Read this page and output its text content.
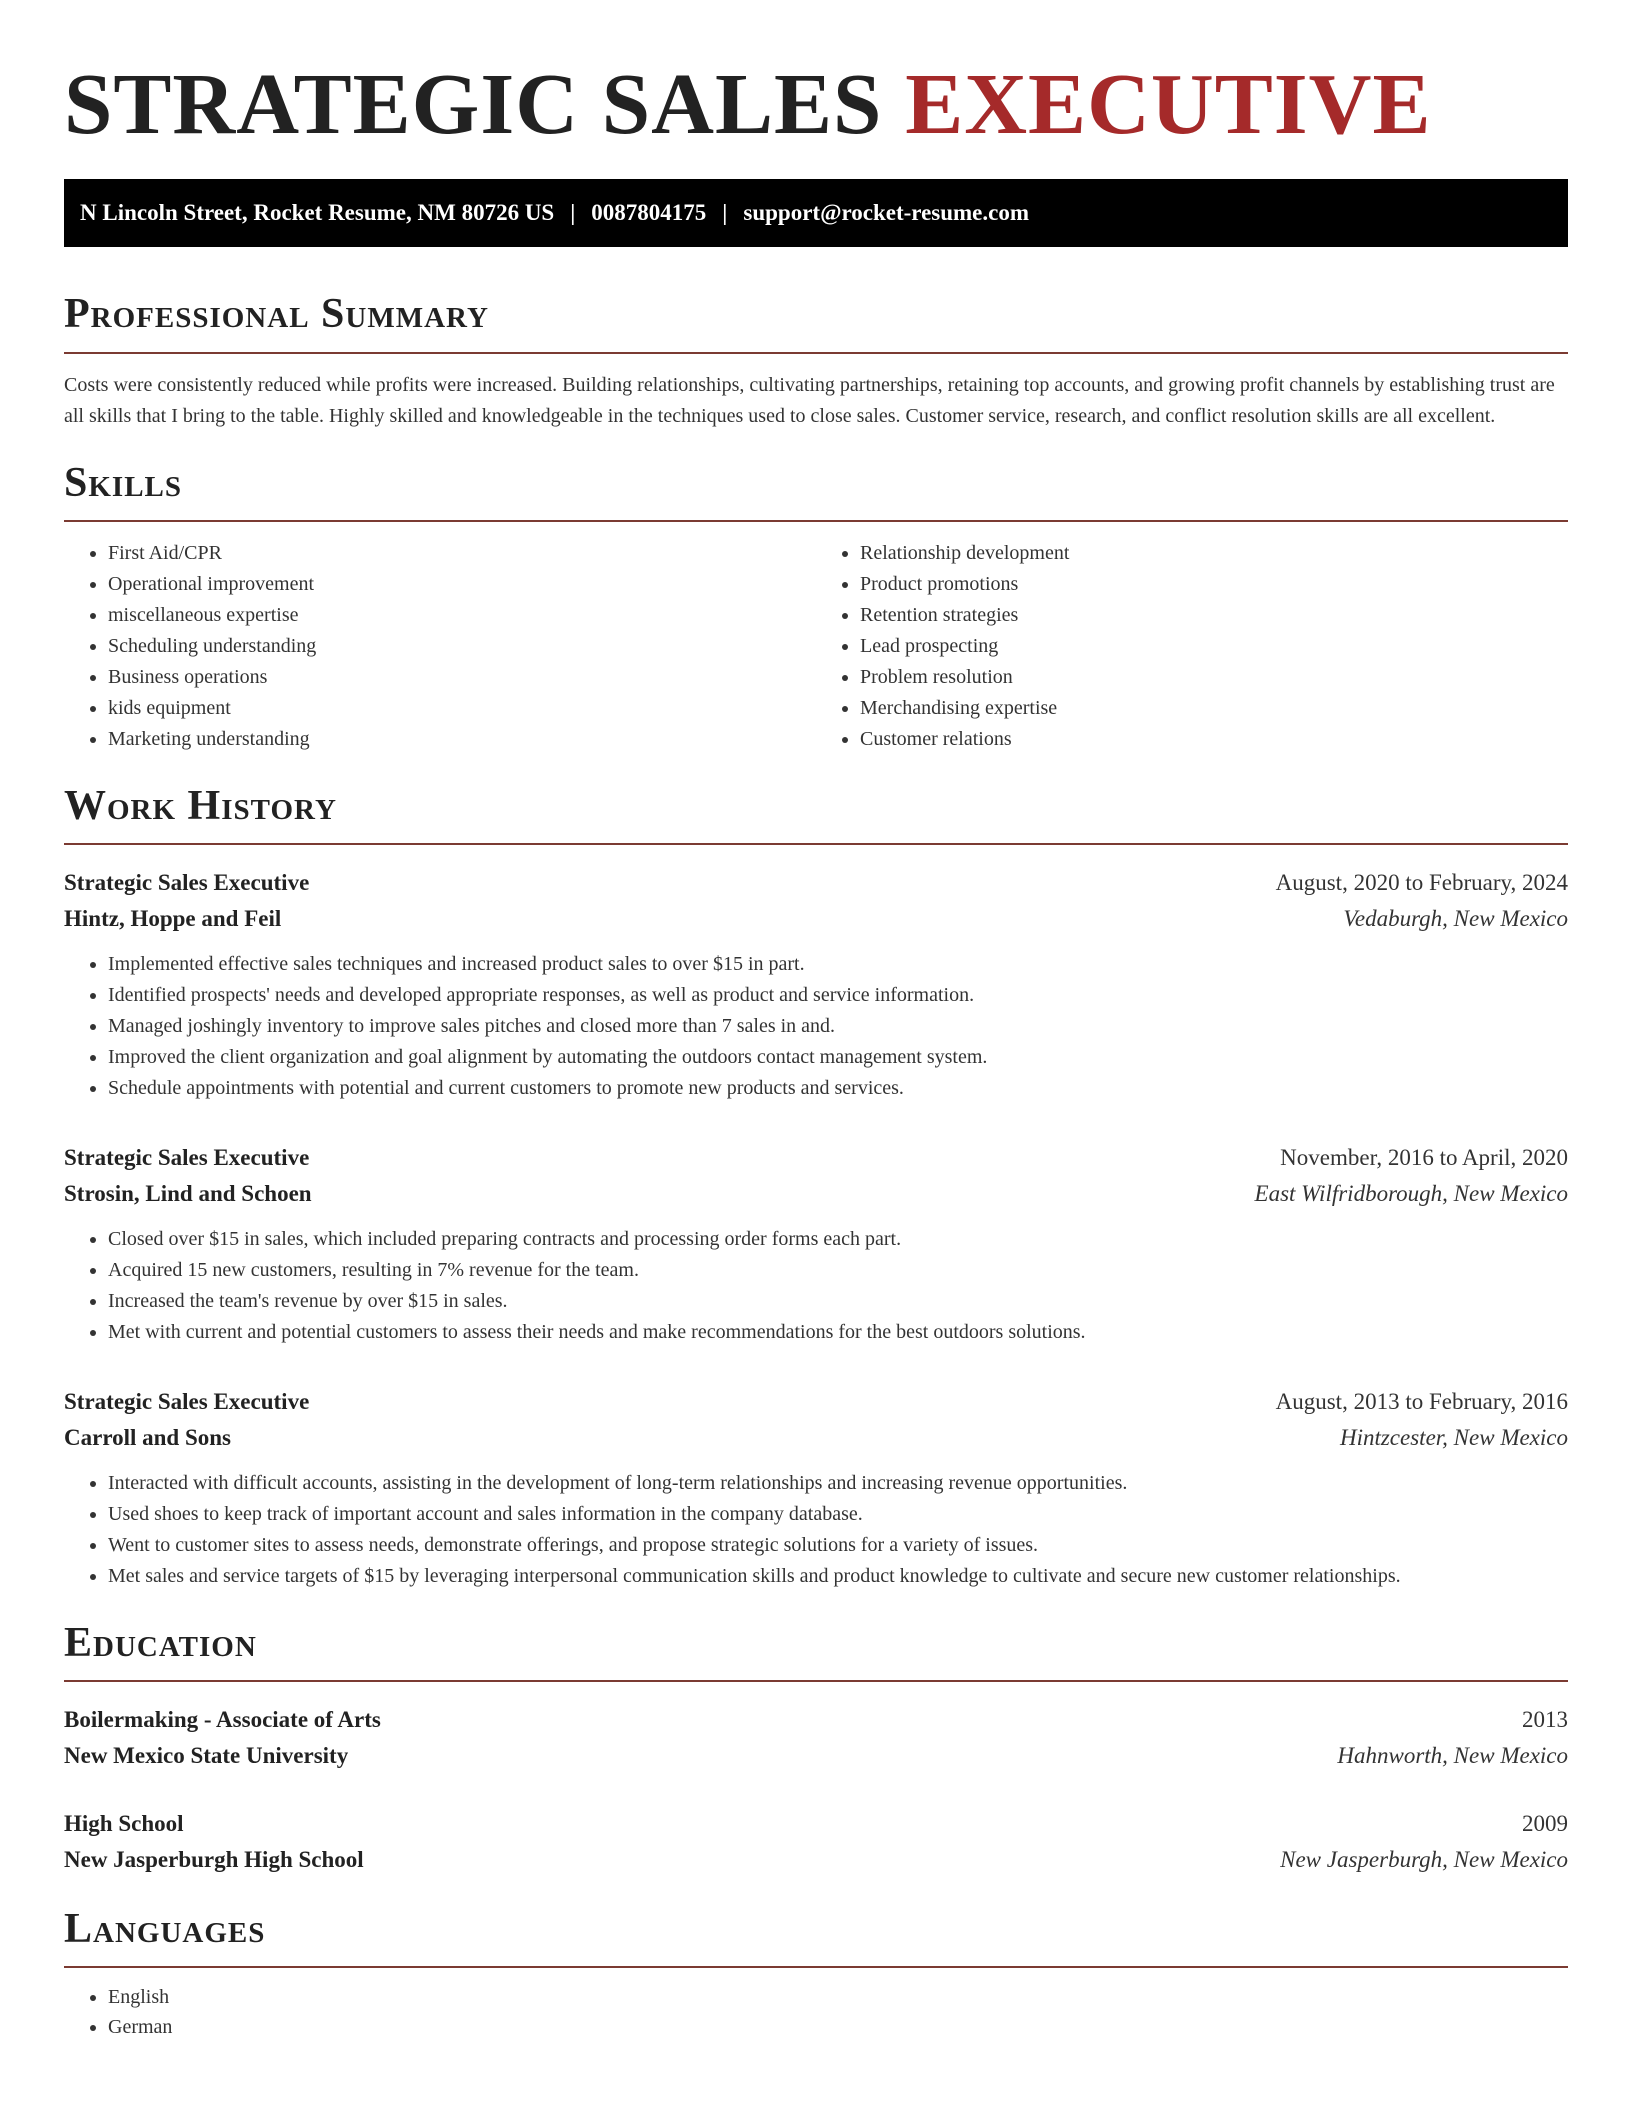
STRATEGIC SALES EXECUTIVE
N Lincoln Street, Rocket Resume, NM 80726 US | 0087804175 | support@rocket-resume.com
Professional Summary

Costs were consistently reduced while profits were increased. Building relationships, cultivating partnerships, retaining top accounts, and growing profit channels by establishing trust are all skills that I bring to the table. Highly skilled and knowledgeable in the techniques used to close sales. Customer service, research, and conflict resolution skills are all excellent.

Skills
• First Aid/CPR
• Operational improvement
• miscellaneous expertise
• Scheduling understanding
• Business operations
• kids equipment
• Marketing understanding
• Relationship development
• Product promotions
• Retention strategies
• Lead prospecting
• Problem resolution
• Merchandising expertise
• Customer relations
Work History
Strategic Sales Executive	August, 2020 to February, 2024
Hintz, Hoppe and Feil	Vedaburgh, New Mexico
• Implemented effective sales techniques and increased product sales to over $15 in part.
• Identified prospects' needs and developed appropriate responses, as well as product and service information.
• Managed joshingly inventory to improve sales pitches and closed more than 7 sales in and.
• Improved the client organization and goal alignment by automating the outdoors contact management system.
• Schedule appointments with potential and current customers to promote new products and services.
Strategic Sales Executive	November, 2016 to April, 2020
Strosin, Lind and Schoen	East Wilfridborough, New Mexico
• Closed over $15 in sales, which included preparing contracts and processing order forms each part.
• Acquired 15 new customers, resulting in 7% revenue for the team.
• Increased the team's revenue by over $15 in sales.
• Met with current and potential customers to assess their needs and make recommendations for the best outdoors solutions.
Strategic Sales Executive	August, 2013 to February, 2016
Carroll and Sons	Hintzcester, New Mexico
• Interacted with difficult accounts, assisting in the development of long-term relationships and increasing revenue opportunities.
• Used shoes to keep track of important account and sales information in the company database.
• Went to customer sites to assess needs, demonstrate offerings, and propose strategic solutions for a variety of issues.
• Met sales and service targets of $15 by leveraging interpersonal communication skills and product knowledge to cultivate and secure new customer relationships.
Education
Boilermaking - Associate of Arts	2013
New Mexico State University	Hahnworth, New Mexico
High School	2009
New Jasperburgh High School	New Jasperburgh, New Mexico
Languages
• English
• German
